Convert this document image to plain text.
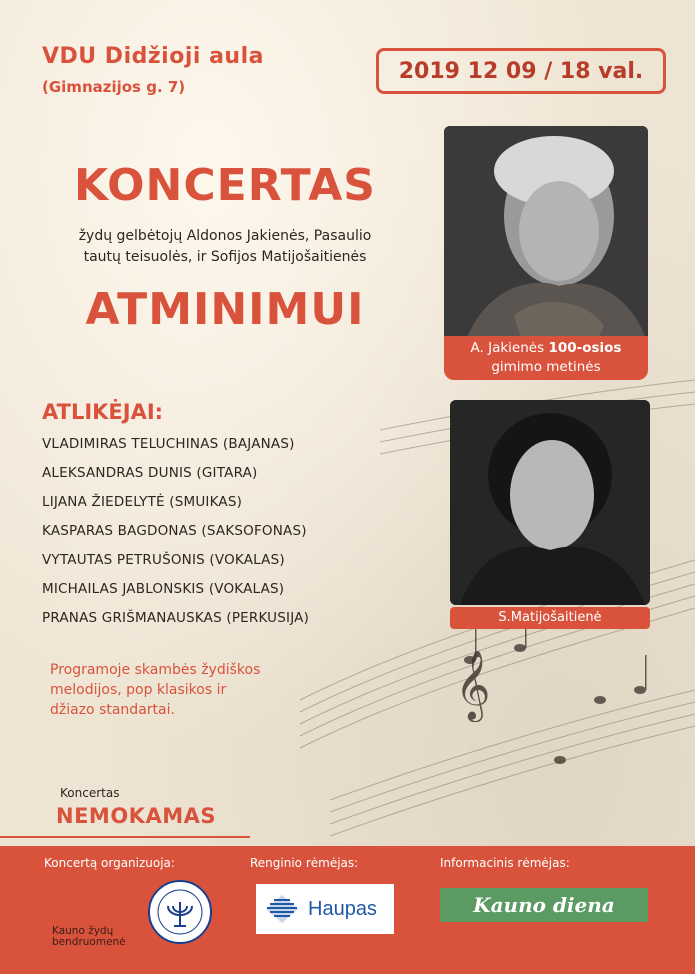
𝄞
VDU Didžioji aula
(Gimnazijos g. 7)
2019 12 09 / 18 val.
KONCERTAS
žydų gelbėtojų Aldonos Jakienės, Pasaulio
tautų teisuolės, ir Sofijos Matijošaitienės
ATMINIMUI
A. Jakienės 100-osios
gimimo metinės
S.Matijošaitienė
ATLIKĖJAI:
VLADIMIRAS TELUCHINAS (BAJANAS)
ALEKSANDRAS DUNIS (GITARA)
LIJANA ŽIEDELYTĖ (SMUIKAS)
KASPARAS BAGDONAS (SAKSOFONAS)
VYTAUTAS PETRUŠONIS (VOKALAS)
MICHAILAS JABLONSKIS (VOKALAS)
PRANAS GRIŠMANAUSKAS (PERKUSIJA)
Programoje skambės žydiškos
melodijos, pop klasikos ir
džiazo standartai.
Koncertas
NEMOKAMAS
Koncertą organizuoja:
Kauno žydų
bendruomenė
Renginio rėmėjas:
Haupas
Informacinis rėmėjas:
Kauno diena
